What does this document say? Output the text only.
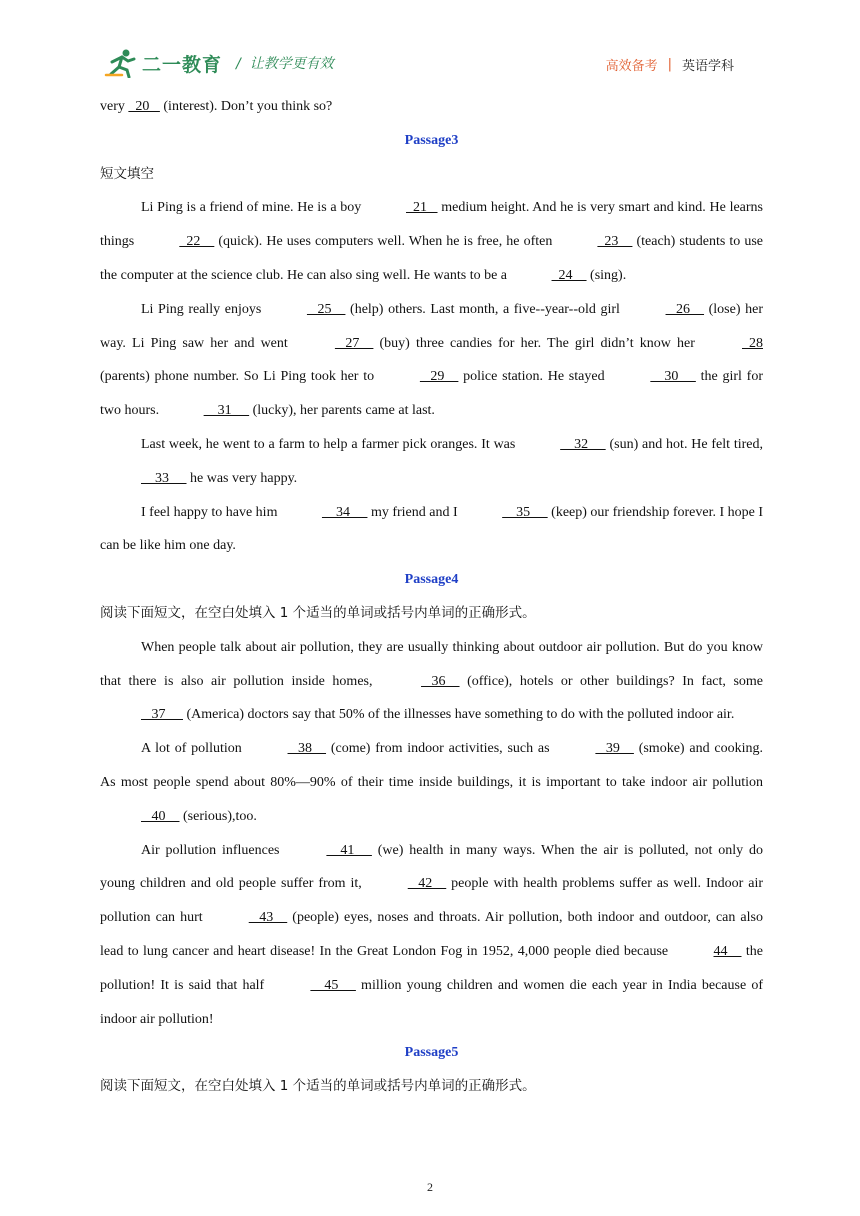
二一教育 /  让教学更有效	高效备考 | 英语学科

very   20    (interest). Don’t you think so?

Passage3
短文填空

Li Ping is a friend of mine. He is a boy	21    medium height. And he is very smart and kind. He learns things	22     (quick). He uses computers well. When he is free, he often	23     (teach) students to use the computer at the science club. He can also sing well. He wants to be a	24     (sing).

Li Ping really enjoys	25     (help) others. Last month, a five--year--old girl	26     (lose) her way. Li Ping saw her and went	27     (buy) three candies for her. The girl didn’t know her	28 (parents) phone number. So Li Ping took her to	29     police station. He stayed	30      the girl for two hours.	31      (lucky), her parents came at last.

Last week, he went to a farm to help a farmer pick oranges. It was	32      (sun) and hot. He felt tired,     33      he was very happy.

I feel happy to have him	34      my friend and I	35      (keep) our friendship forever. I hope I can be like him one day.

Passage4
阅读下面短文，在空白处填入 1 个适当的单词或括号内单词的正确形式。

When people talk about air pollution, they are usually thinking about outdoor air pollution. But do you know that there is also air pollution inside homes,	36     (office), hotels or other buildings? In fact, some    37      (America) doctors say that 50% of the illnesses have something to do with the polluted indoor air.

A lot of pollution	38     (come) from indoor activities, such as	39     (smoke) and cooking. As most people spend about 80%—90% of their time inside buildings, it is important to take indoor air pollution    40     (serious),too.

Air pollution influences	41      (we) health in many ways. When the air is polluted, not only do young children and old people suffer from it,	42     people with health problems suffer as well. Indoor air pollution can hurt	43     (people) eyes, noses and throats. Air pollution, both indoor and outdoor, can also lead to lung cancer and heart disease! In the Great London Fog in 1952, 4,000 people died because	44     the pollution! It is said that half	45      million young children and women die each year in India because of indoor air pollution!

Passage5
阅读下面短文，在空白处填入 1 个适当的单词或括号内单词的正确形式。
2
